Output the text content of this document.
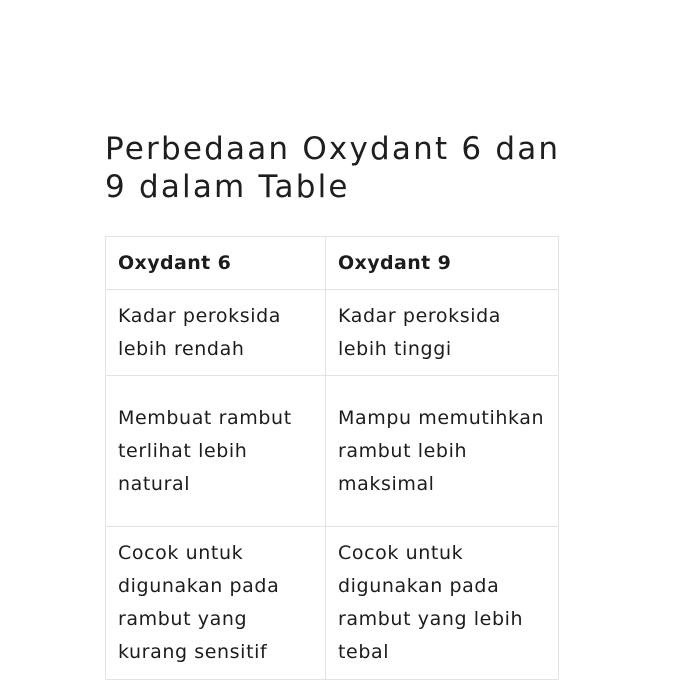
Perbedaan Oxydant 6 dan 9 dalam Table
Oxydant 6	Oxydant 9
Kadar peroksida lebih rendah	Kadar peroksida lebih tinggi
Membuat rambut terlihat lebih natural	Mampu memutihkan rambut lebih maksimal
Cocok untuk digunakan pada rambut yang kurang sensitif	Cocok untuk digunakan pada rambut yang lebih tebal
